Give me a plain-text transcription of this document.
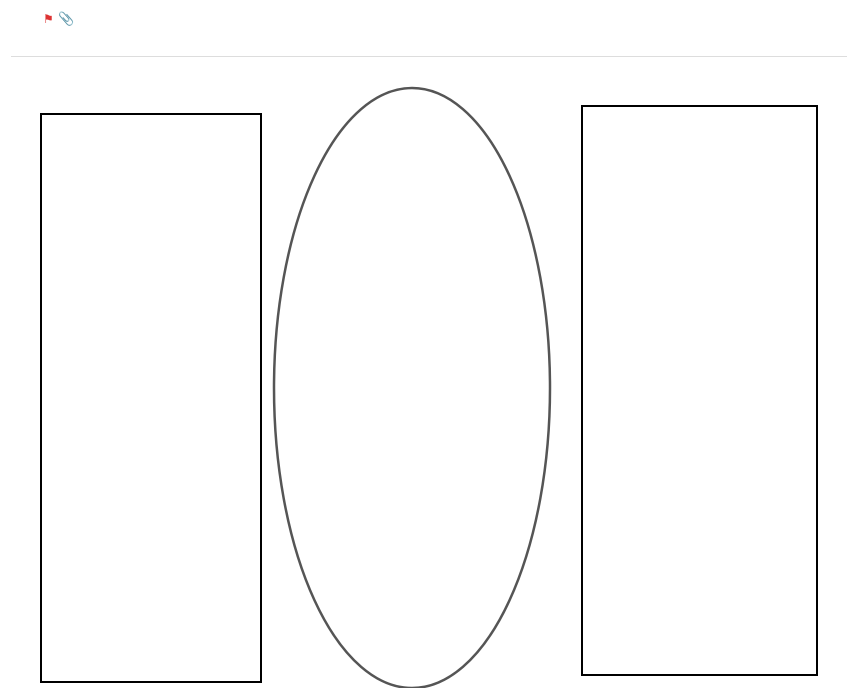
⚑ 📎
